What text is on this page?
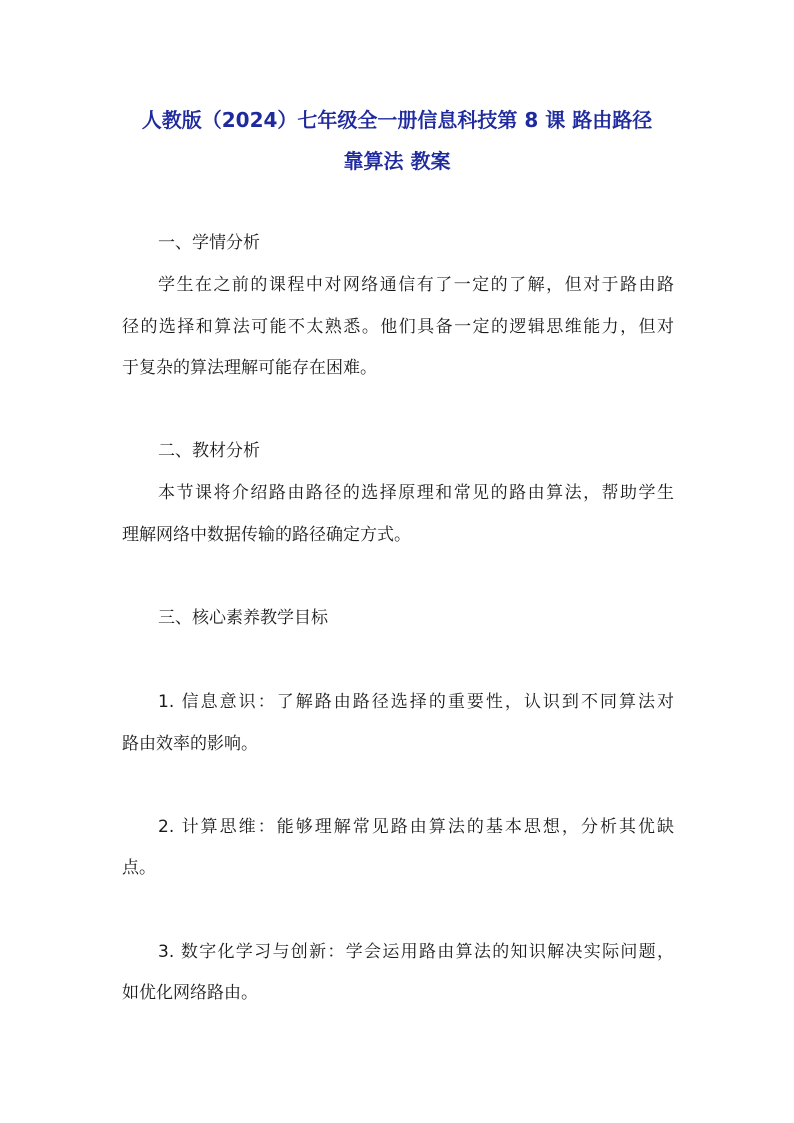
人教版（2024）七年级全一册信息科技第 8 课 路由路径
靠算法 教案

一、学情分析

学生在之前的课程中对网络通信有了一定的了解，但对于路由路

径的选择和算法可能不太熟悉。他们具备一定的逻辑思维能力，但对

于复杂的算法理解可能存在困难。

二、教材分析

本节课将介绍路由路径的选择原理和常见的路由算法，帮助学生

理解网络中数据传输的路径确定方式。

三、核心素养教学目标

1. 信息意识：了解路由路径选择的重要性，认识到不同算法对

路由效率的影响。

2. 计算思维：能够理解常见路由算法的基本思想，分析其优缺

点。

3. 数字化学习与创新：学会运用路由算法的知识解决实际问题，

如优化网络路由。
